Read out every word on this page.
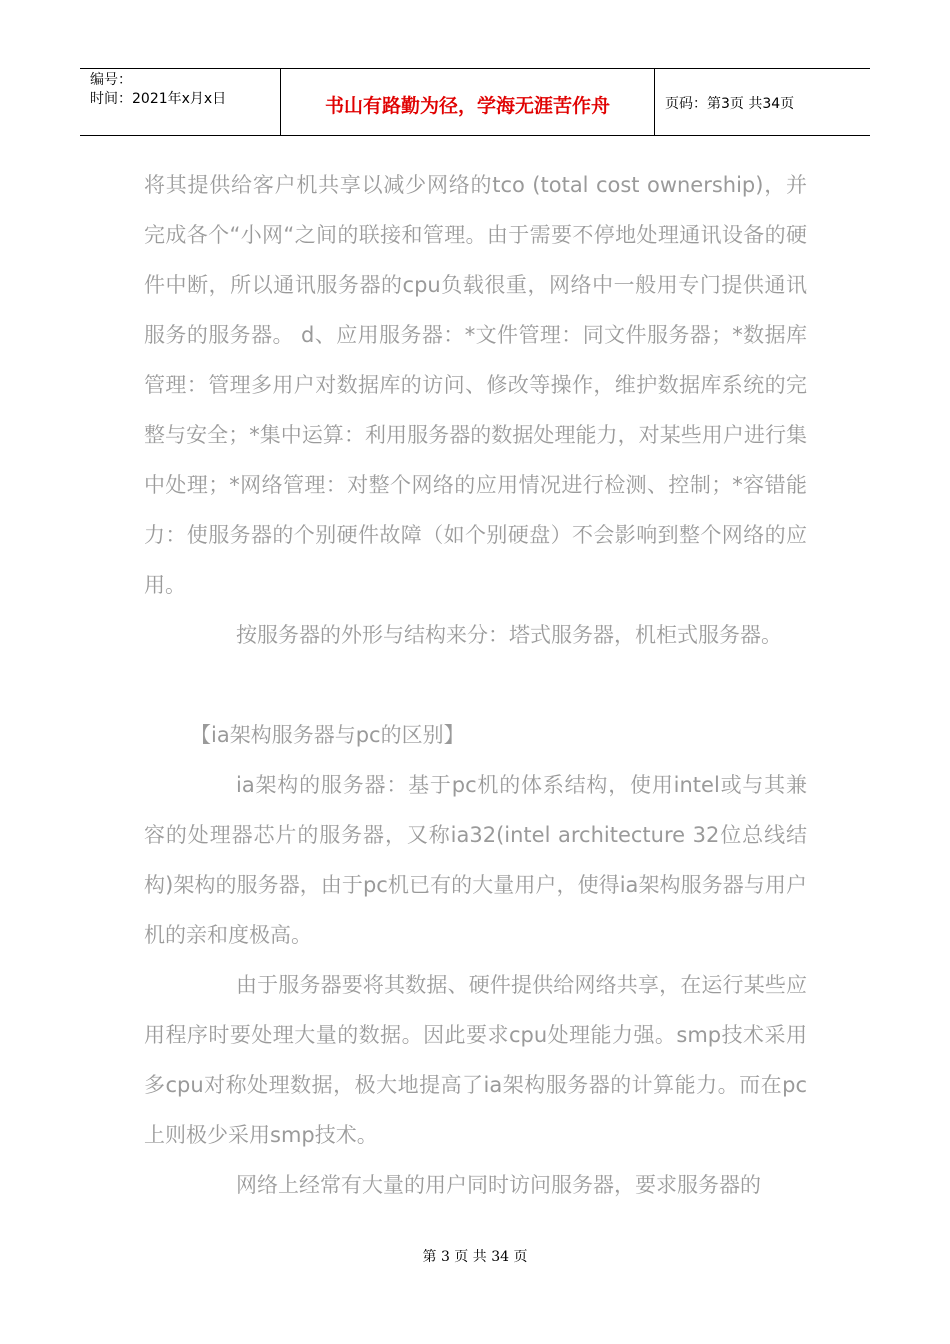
编号：
时间：2021年x月x日	书山有路勤为径，学海无涯苦作舟	页码：第3页 共34页

将其提供给客户机共享以减少网络的tco (total cost ownership)，并完成各个“小网“之间的联接和管理。由于需要不停地处理通讯设备的硬件中断，所以通讯服务器的cpu负载很重，网络中一般用专门提供通讯服务的服务器。 d、应用服务器：*文件管理：同文件服务器；*数据库管理：管理多用户对数据库的访问、修改等操作，维护数据库系统的完整与安全；*集中运算：利用服务器的数据处理能力，对某些用户进行集中处理；*网络管理：对整个网络的应用情况进行检测、控制；*容错能力：使服务器的个别硬件故障（如个别硬盘）不会影响到整个网络的应用。

按服务器的外形与结构来分：塔式服务器，机柜式服务器。

【ia架构服务器与pc的区别】

ia架构的服务器：基于pc机的体系结构，使用intel或与其兼容的处理器芯片的服务器，又称ia32(intel architecture 32位总线结构)架构的服务器，由于pc机已有的大量用户，使得ia架构服务器与用户机的亲和度极高。

由于服务器要将其数据、硬件提供给网络共享，在运行某些应用程序时要处理大量的数据。因此要求cpu处理能力强。smp技术采用多cpu对称处理数据，极大地提高了ia架构服务器的计算能力。而在pc上则极少采用smp技术。

网络上经常有大量的用户同时访问服务器，要求服务器的

第 3 页 共 34 页
